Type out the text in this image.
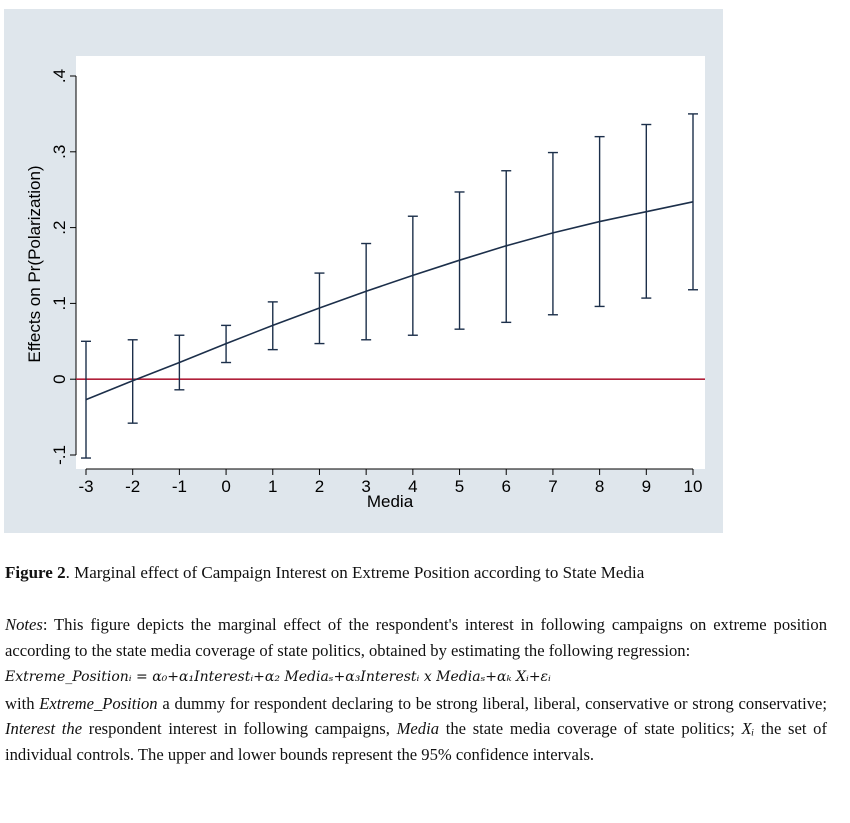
-3 -2 -1 0 1 2 3 4 5 6 7 8 9 10
-.1
0
.1
.2
.3
.4
Media
Effects on Pr(Polarization)
Figure 2. Marginal effect of Campaign Interest on Extreme Position according to State Media

Notes: This figure depicts the marginal effect of the respondent's interest in following campaigns on extreme position according to the state media coverage of state politics, obtained by estimating the following regression:

Extreme_Positionᵢ = α₀+α₁Interestᵢ+α₂ Mediaₛ+α₃Interestᵢ x Mediaₛ+αₖ Xᵢ+εᵢ

with Extreme_Position a dummy for respondent declaring to be strong liberal, liberal, conservative or strong conservative; Interest the respondent interest in following campaigns, Media the state media coverage of state politics; Xᵢ the set of individual controls. The upper and lower bounds represent the 95% confidence intervals.
